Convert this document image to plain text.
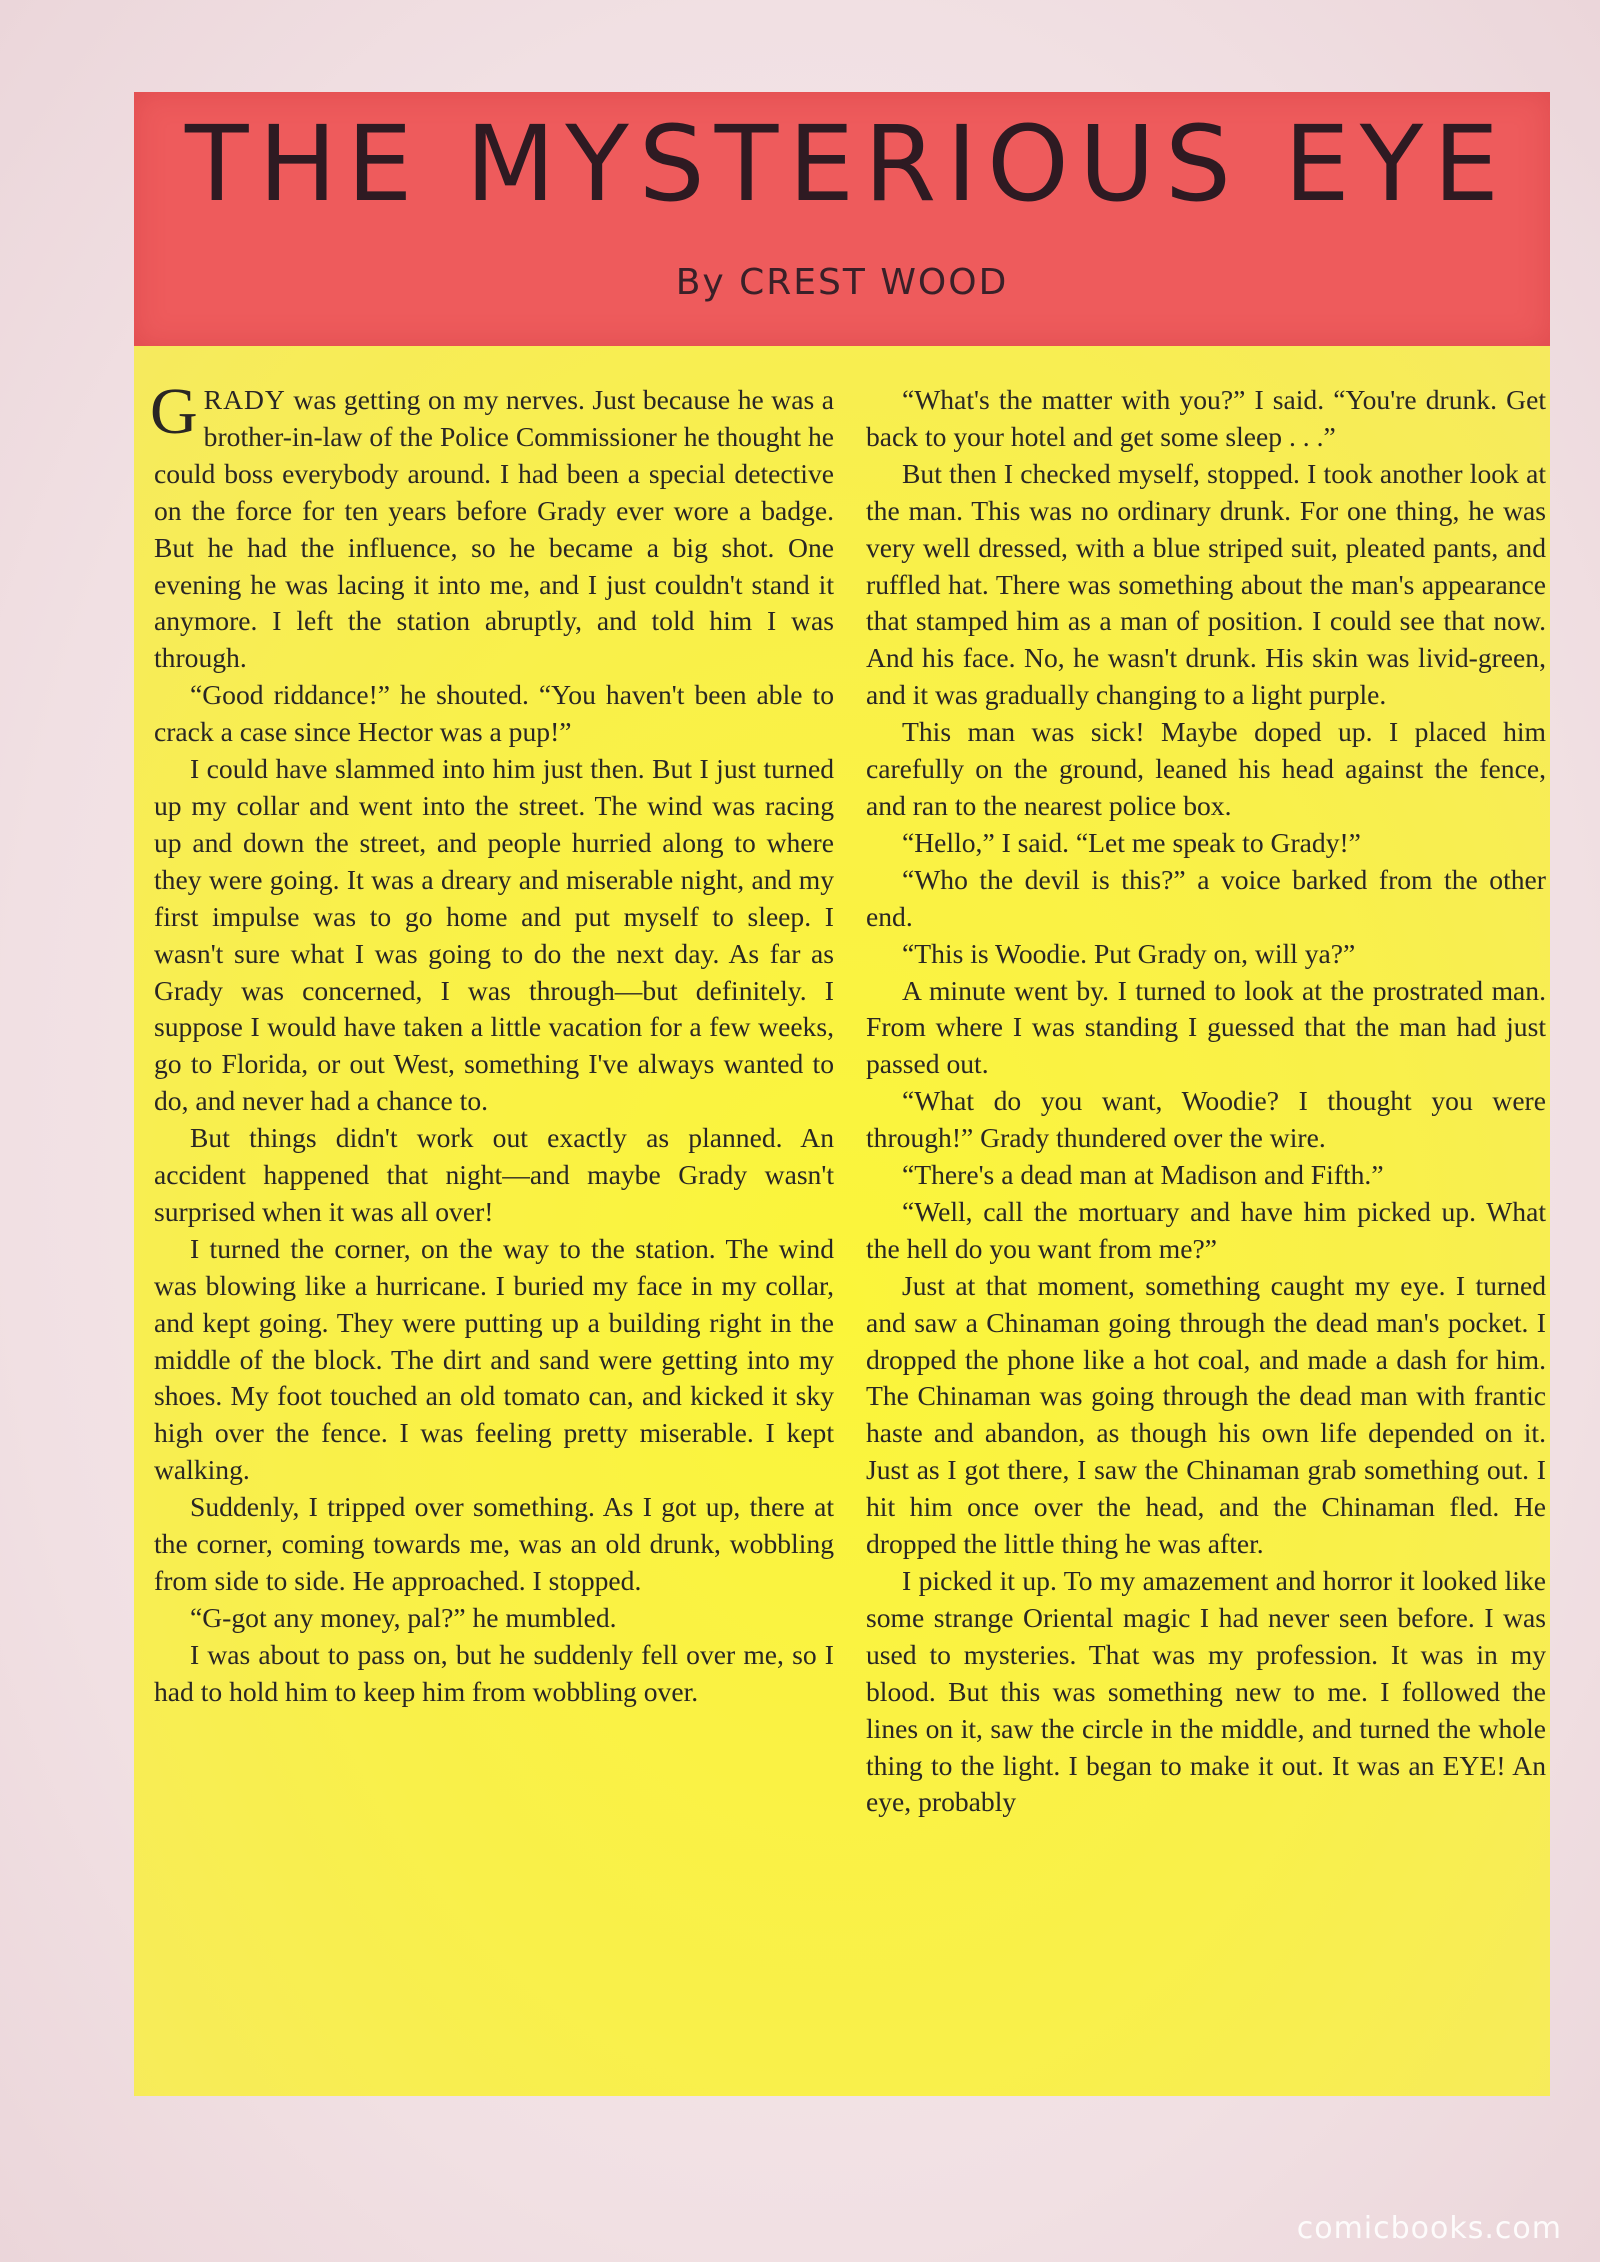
THE MYSTERIOUS EYE
By CREST WOOD

GRADY was getting on my nerves. Just because he was a brother-in-law of the Police Commissioner he thought he could boss everybody around. I had been a special detective on the force for ten years before Grady ever wore a badge. But he had the influence, so he became a big shot. One evening he was lacing it into me, and I just couldn't stand it anymore. I left the station abruptly, and told him I was through.

“Good riddance!” he shouted. “You haven't been able to crack a case since Hector was a pup!”

I could have slammed into him just then. But I just turned up my collar and went into the street. The wind was racing up and down the street, and people hurried along to where they were going. It was a dreary and miserable night, and my first impulse was to go home and put myself to sleep. I wasn't sure what I was going to do the next day. As far as Grady was concerned, I was through—but definitely. I suppose I would have taken a little vacation for a few weeks, go to Florida, or out West, something I've always wanted to do, and never had a chance to.

But things didn't work out exactly as planned. An accident happened that night—and maybe Grady wasn't surprised when it was all over!

I turned the corner, on the way to the station. The wind was blowing like a hurricane. I buried my face in my collar, and kept going. They were putting up a building right in the middle of the block. The dirt and sand were getting into my shoes. My foot touched an old tomato can, and kicked it sky high over the fence. I was feeling pretty miserable. I kept walking.

Suddenly, I tripped over something. As I got up, there at the corner, coming towards me, was an old drunk, wobbling from side to side. He approached. I stopped.

“G-got any money, pal?” he mumbled.

I was about to pass on, but he suddenly fell over me, so I had to hold him to keep him from wobbling over.

“What's the matter with you?” I said. “You're drunk. Get back to your hotel and get some sleep . . .”

But then I checked myself, stopped. I took another look at the man. This was no ordinary drunk. For one thing, he was very well dressed, with a blue striped suit, pleated pants, and ruffled hat. There was something about the man's appearance that stamped him as a man of position. I could see that now. And his face. No, he wasn't drunk. His skin was livid-green, and it was gradually changing to a light purple.

This man was sick! Maybe doped up. I placed him carefully on the ground, leaned his head against the fence, and ran to the nearest police box.

“Hello,” I said. “Let me speak to Grady!”

“Who the devil is this?” a voice barked from the other end.

“This is Woodie. Put Grady on, will ya?”

A minute went by. I turned to look at the prostrated man. From where I was standing I guessed that the man had just passed out.

“What do you want, Woodie? I thought you were through!” Grady thundered over the wire.

“There's a dead man at Madison and Fifth.”

“Well, call the mortuary and have him picked up. What the hell do you want from me?”

Just at that moment, something caught my eye. I turned and saw a Chinaman going through the dead man's pocket. I dropped the phone like a hot coal, and made a dash for him. The Chinaman was going through the dead man with frantic haste and abandon, as though his own life depended on it. Just as I got there, I saw the Chinaman grab something out. I hit him once over the head, and the Chinaman fled. He dropped the little thing he was after.

I picked it up. To my amazement and horror it looked like some strange Oriental magic I had never seen before. I was used to mysteries. That was my profession. It was in my blood. But this was something new to me. I followed the lines on it, saw the circle in the middle, and turned the whole thing to the light. I began to make it out. It was an EYE! An eye, probably

comicbooks.com
